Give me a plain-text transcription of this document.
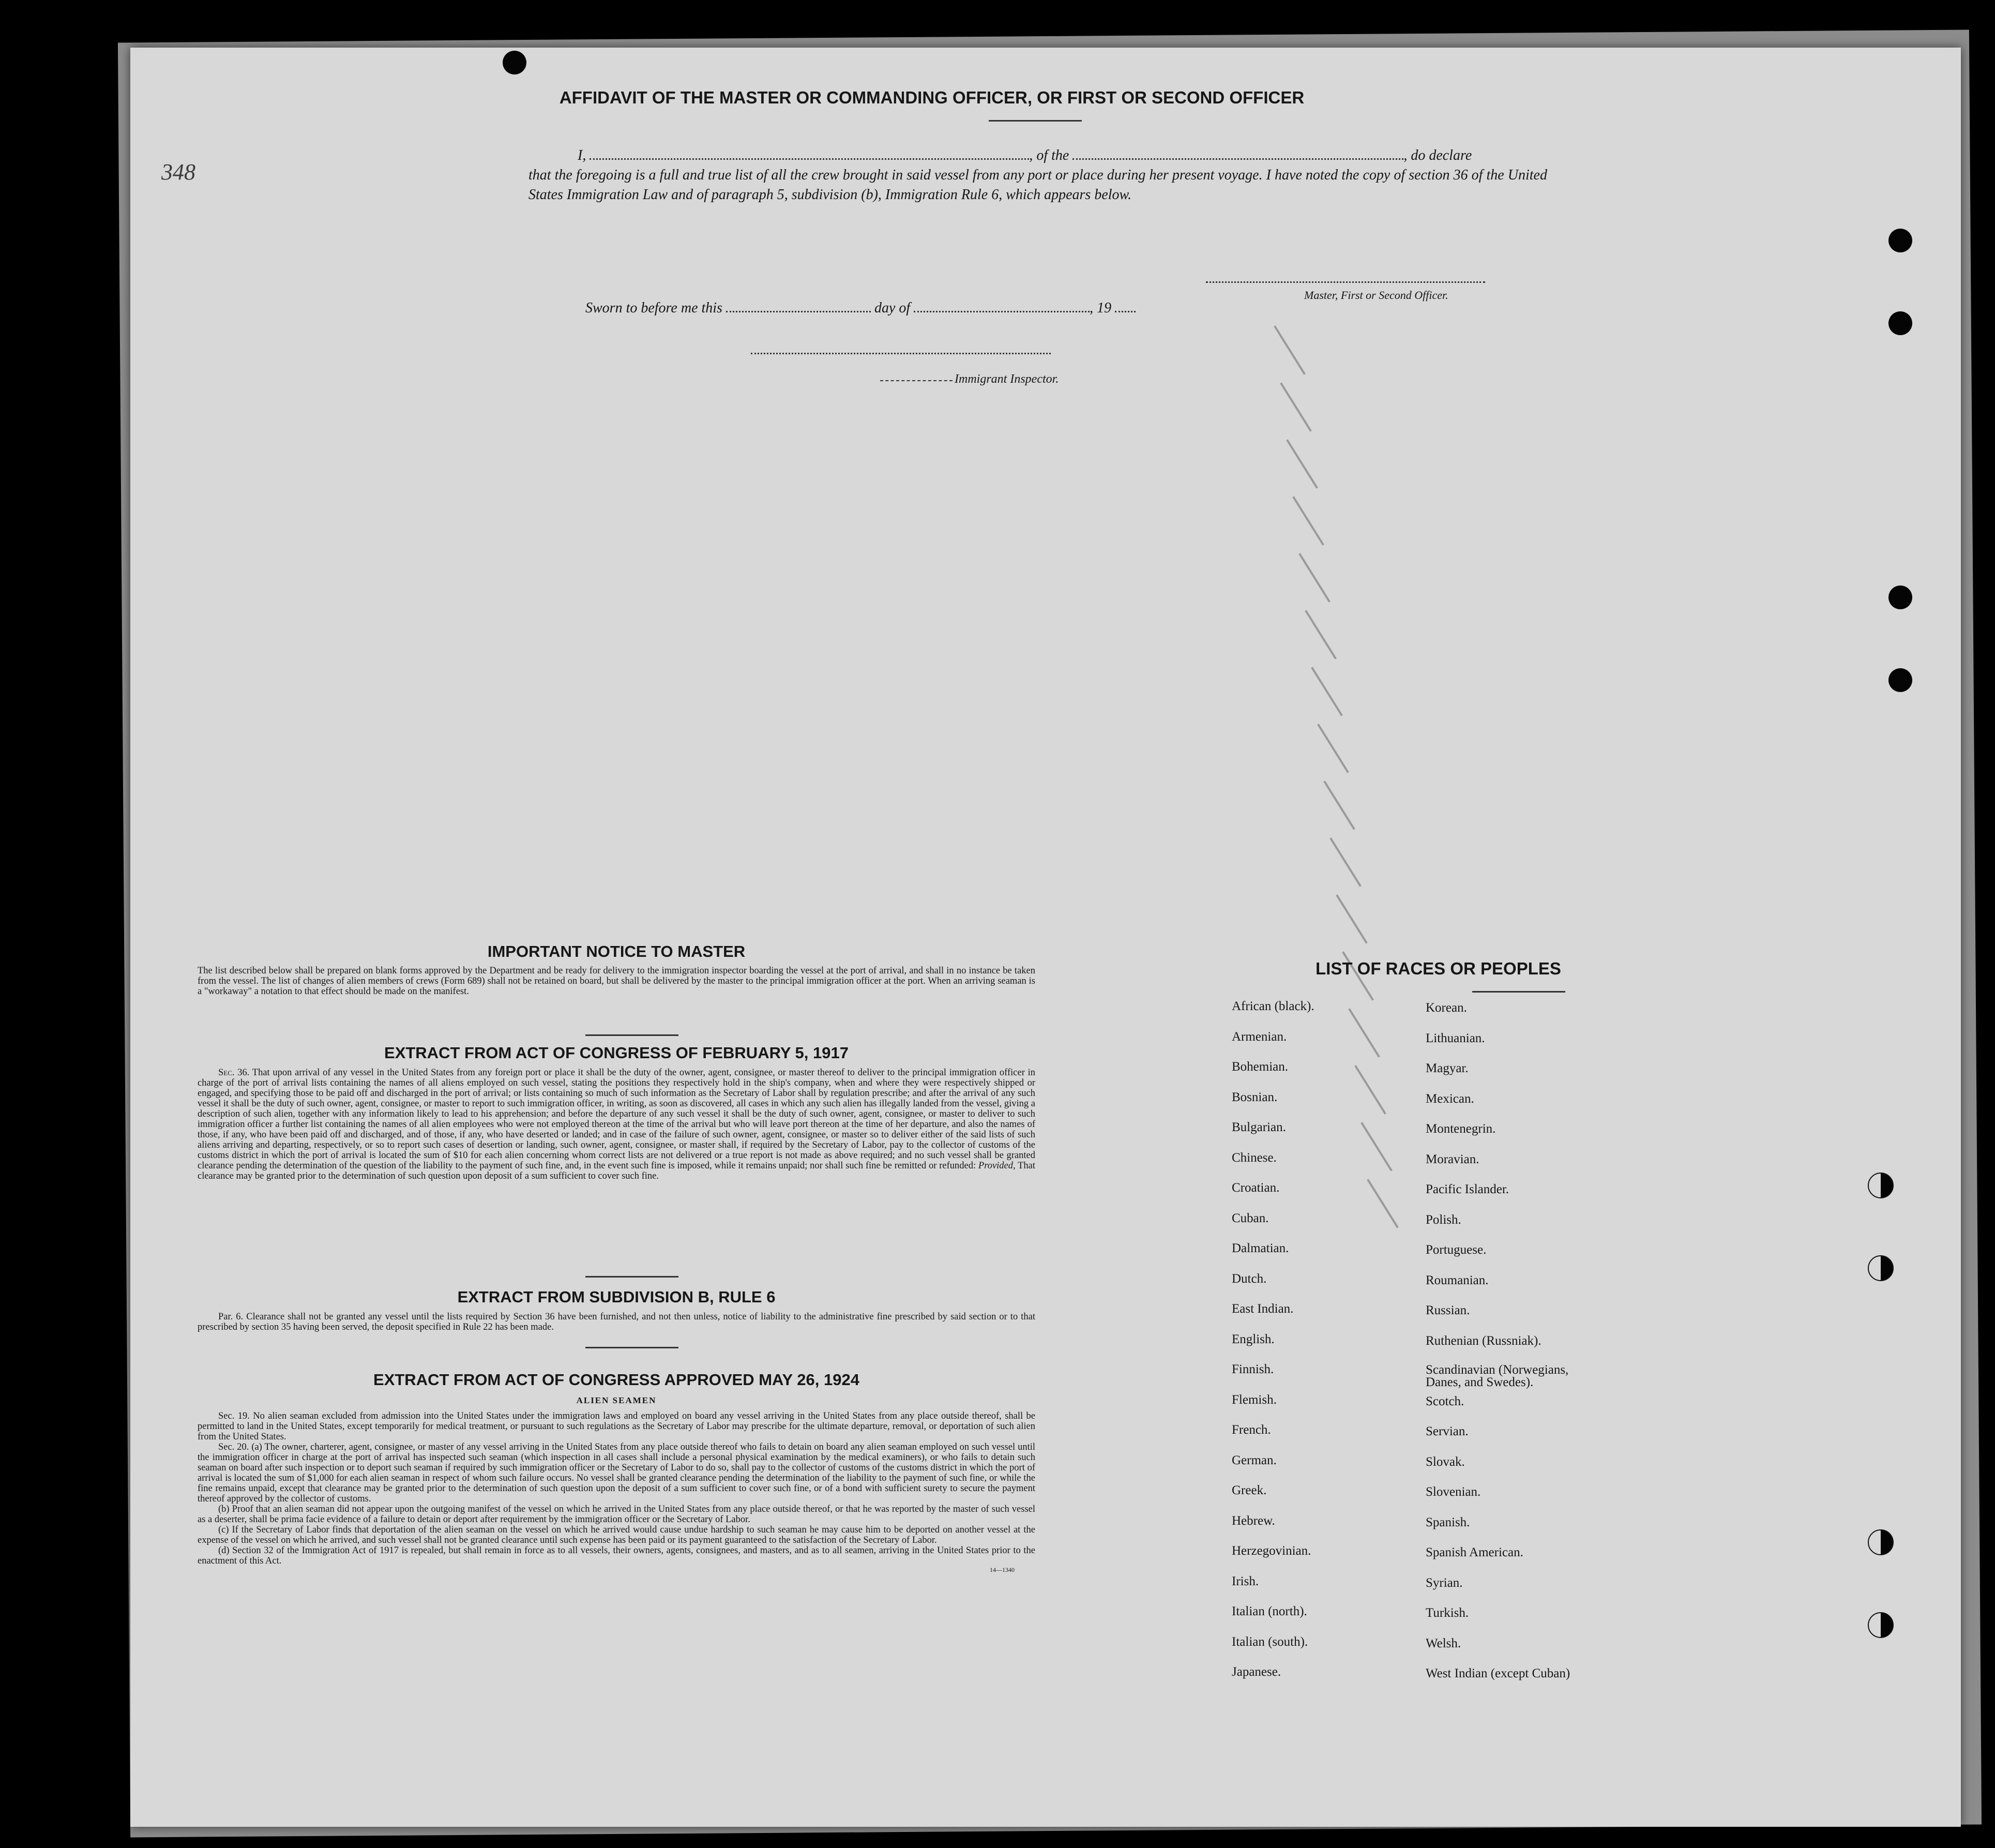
348
AFFIDAVIT OF THE MASTER OR COMMANDING OFFICER, OR FIRST OR SECOND OFFICER
I,	, of the	, do declare

that the foregoing is a full and true list of all the crew brought in said vessel from any port or place during her present voyage. I have noted the copy of section 36 of the United States Immigration Law and of paragraph 5, subdivision (b), Immigration Rule 6, which appears below.

Master, First or Second Officer.
Sworn to before me this	day of	, 19
Immigrant Inspector.
IMPORTANT NOTICE TO MASTER

The list described below shall be prepared on blank forms approved by the Department and be ready for delivery to the immigration inspector boarding the vessel at the port of arrival, and shall in no instance be taken from the vessel. The list of changes of alien members of crews (Form 689) shall not be retained on board, but shall be delivered by the master to the principal immigration officer at the port. When an arriving seaman is a "workaway" a notation to that effect should be made on the manifest.

EXTRACT FROM ACT OF CONGRESS OF FEBRUARY 5, 1917

Sec. 36. That upon arrival of any vessel in the United States from any foreign port or place it shall be the duty of the owner, agent, consignee, or master thereof to deliver to the principal immigration officer in charge of the port of arrival lists containing the names of all aliens employed on such vessel, stating the positions they respectively hold in the ship's company, when and where they were respectively shipped or engaged, and specifying those to be paid off and discharged in the port of arrival; or lists containing so much of such information as the Secretary of Labor shall by regulation prescribe; and after the arrival of any such vessel it shall be the duty of such owner, agent, consignee, or master to report to such immigration officer, in writing, as soon as discovered, all cases in which any such alien has illegally landed from the vessel, giving a description of such alien, together with any information likely to lead to his apprehension; and before the departure of any such vessel it shall be the duty of such owner, agent, consignee, or master to deliver to such immigration officer a further list containing the names of all alien employees who were not employed thereon at the time of the arrival but who will leave port thereon at the time of her departure, and also the names of those, if any, who have been paid off and discharged, and of those, if any, who have deserted or landed; and in case of the failure of such owner, agent, consignee, or master so to deliver either of the said lists of such aliens arriving and departing, respectively, or so to report such cases of desertion or landing, such owner, agent, consignee, or master shall, if required by the Secretary of Labor, pay to the collector of customs of the customs district in which the port of arrival is located the sum of $10 for each alien concerning whom correct lists are not delivered or a true report is not made as above required; and no such vessel shall be granted clearance pending the determination of the question of the liability to the payment of such fine, and, in the event such fine is imposed, while it remains unpaid; nor shall such fine be remitted or refunded: Provided, That clearance may be granted prior to the determination of such question upon deposit of a sum sufficient to cover such fine.

EXTRACT FROM SUBDIVISION B, RULE 6

Par. 6. Clearance shall not be granted any vessel until the lists required by Section 36 have been furnished, and not then unless, notice of liability to the administrative fine prescribed by said section or to that prescribed by section 35 having been served, the deposit specified in Rule 22 has been made.

EXTRACT FROM ACT OF CONGRESS APPROVED MAY 26, 1924
ALIEN SEAMEN

Sec. 19. No alien seaman excluded from admission into the United States under the immigration laws and employed on board any vessel arriving in the United States from any place outside thereof, shall be permitted to land in the United States, except temporarily for medical treatment, or pursuant to such regulations as the Secretary of Labor may prescribe for the ultimate departure, removal, or deportation of such alien from the United States.

Sec. 20. (a) The owner, charterer, agent, consignee, or master of any vessel arriving in the United States from any place outside thereof who fails to detain on board any alien seaman employed on such vessel until the immigration officer in charge at the port of arrival has inspected such seaman (which inspection in all cases shall include a personal physical examination by the medical examiners), or who fails to detain such seaman on board after such inspection or to deport such seaman if required by such immigration officer or the Secretary of Labor to do so, shall pay to the collector of customs of the customs district in which the port of arrival is located the sum of $1,000 for each alien seaman in respect of whom such failure occurs. No vessel shall be granted clearance pending the determination of the liability to the payment of such fine, or while the fine remains unpaid, except that clearance may be granted prior to the determination of such question upon the deposit of a sum sufficient to cover such fine, or of a bond with sufficient surety to secure the payment thereof approved by the collector of customs.

(b) Proof that an alien seaman did not appear upon the outgoing manifest of the vessel on which he arrived in the United States from any place outside thereof, or that he was reported by the master of such vessel as a deserter, shall be prima facie evidence of a failure to detain or deport after requirement by the immigration officer or the Secretary of Labor.

(c) If the Secretary of Labor finds that deportation of the alien seaman on the vessel on which he arrived would cause undue hardship to such seaman he may cause him to be deported on another vessel at the expense of the vessel on which he arrived, and such vessel shall not be granted clearance until such expense has been paid or its payment guaranteed to the satisfaction of the Secretary of Labor.

(d) Section 32 of the Immigration Act of 1917 is repealed, but shall remain in force as to all vessels, their owners, agents, consignees, and masters, and as to all seamen, arriving in the United States prior to the enactment of this Act.

14—1340
LIST OF RACES OR PEOPLES
African (black).
Armenian.
Bohemian.
Bosnian.
Bulgarian.
Chinese.
Croatian.
Cuban.
Dalmatian.
Dutch.
East Indian.
English.
Finnish.
Flemish.
French.
German.
Greek.
Hebrew.
Herzegovinian.
Irish.
Italian (north).
Italian (south).
Japanese.
Korean.
Lithuanian.
Magyar.
Mexican.
Montenegrin.
Moravian.
Pacific Islander.
Polish.
Portuguese.
Roumanian.
Russian.
Ruthenian (Russniak).
Scandinavian (Norwegians, Danes, and Swedes).
Scotch.
Servian.
Slovak.
Slovenian.
Spanish.
Spanish American.
Syrian.
Turkish.
Welsh.
West Indian (except Cuban)
